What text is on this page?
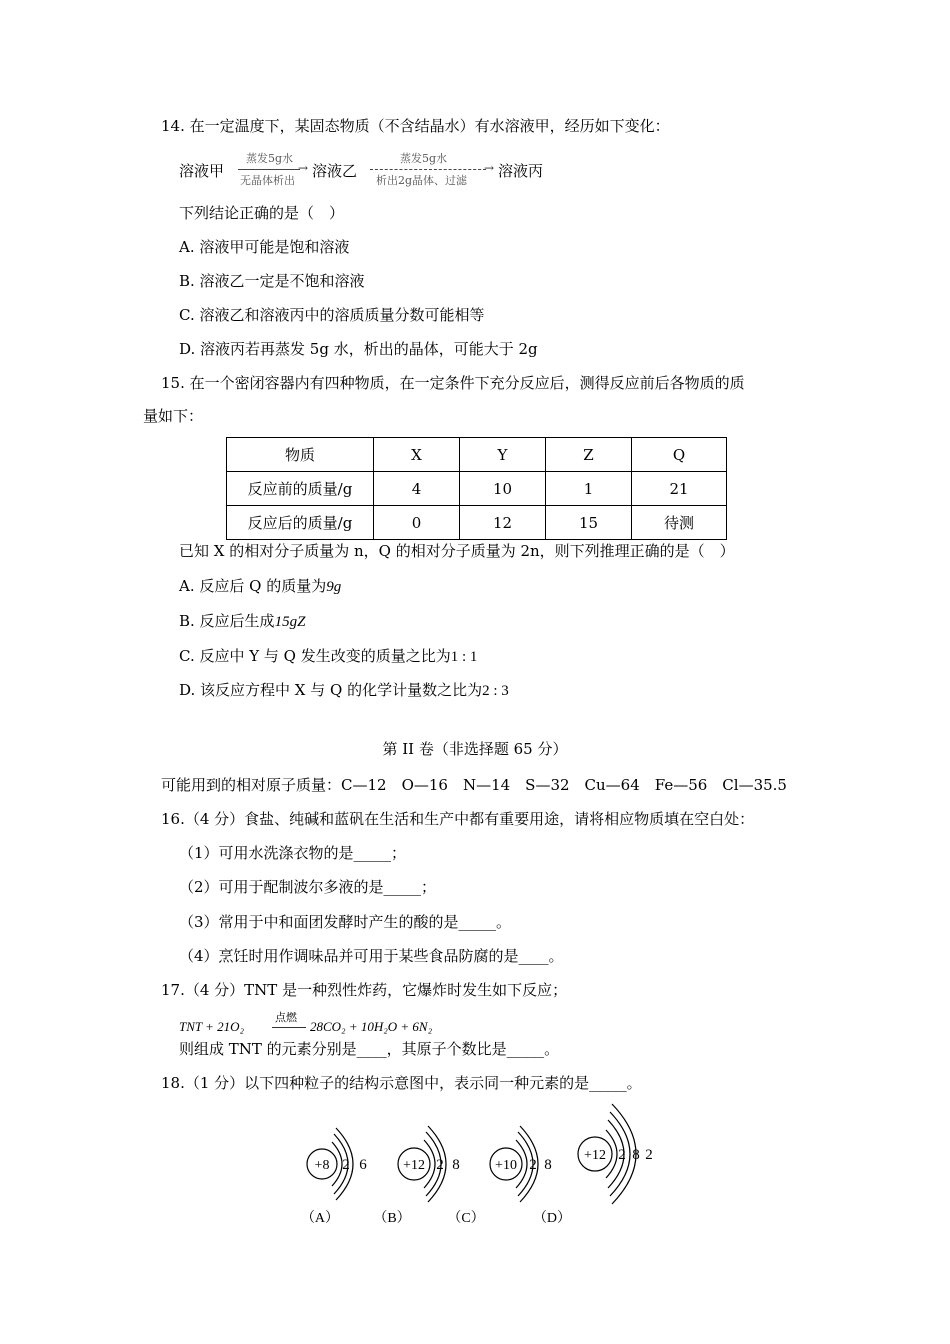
14. 在一定温度下，某固态物质（不含结晶水）有水溶液甲，经历如下变化：
溶液甲
蒸发5g水
→
无晶体析出
溶液乙
蒸发5g水
→
析出2g晶体、过滤
溶液丙
下列结论正确的是（　）
A. 溶液甲可能是饱和溶液
B. 溶液乙一定是不饱和溶液
C. 溶液乙和溶液丙中的溶质质量分数可能相等
D. 溶液丙若再蒸发 5g 水，析出的晶体，可能大于 2g
15. 在一个密闭容器内有四种物质，在一定条件下充分反应后，测得反应前后各物质的质
量如下：
物质	X	Y	Z	Q
反应前的质量/g	4	10	1	21
反应后的质量/g	0	12	15	待测
已知 X 的相对分子质量为 n，Q 的相对分子质量为 2n，则下列推理正确的是（　）
A. 反应后 Q 的质量为9g
B. 反应后生成15gZ
C. 反应中 Y 与 Q 发生改变的质量之比为1 : 1
D. 该反应方程中 X 与 Q 的化学计量数之比为2 : 3
第 II 卷（非选择题 65 分）
可能用到的相对原子质量：C—12　O—16　N—14　S—32　Cu—64　Fe—56　Cl—35.5
16.（4 分）食盐、纯碱和蓝矾在生活和生产中都有重要用途，请将相应物质填在空白处：
（1）可用水洗涤衣物的是_____；
（2）可用于配制波尔多液的是_____；
（3）常用于中和面团发酵时产生的酸的是_____。
（4）烹饪时用作调味品并可用于某些食品防腐的是____。
17.（4 分）TNT 是一种烈性炸药，它爆炸时发生如下反应；
TNT + 21O₂
点燃
28CO₂ + 10H₂O + 6N₂
则组成 TNT 的元素分别是____，其原子个数比是_____。
18.（1 分）以下四种粒子的结构示意图中，表示同一种元素的是_____。
+8 2 6
（A）
+12 2 8
（B）
+10 2 8
（C）
+12 2 8 2
（D）
